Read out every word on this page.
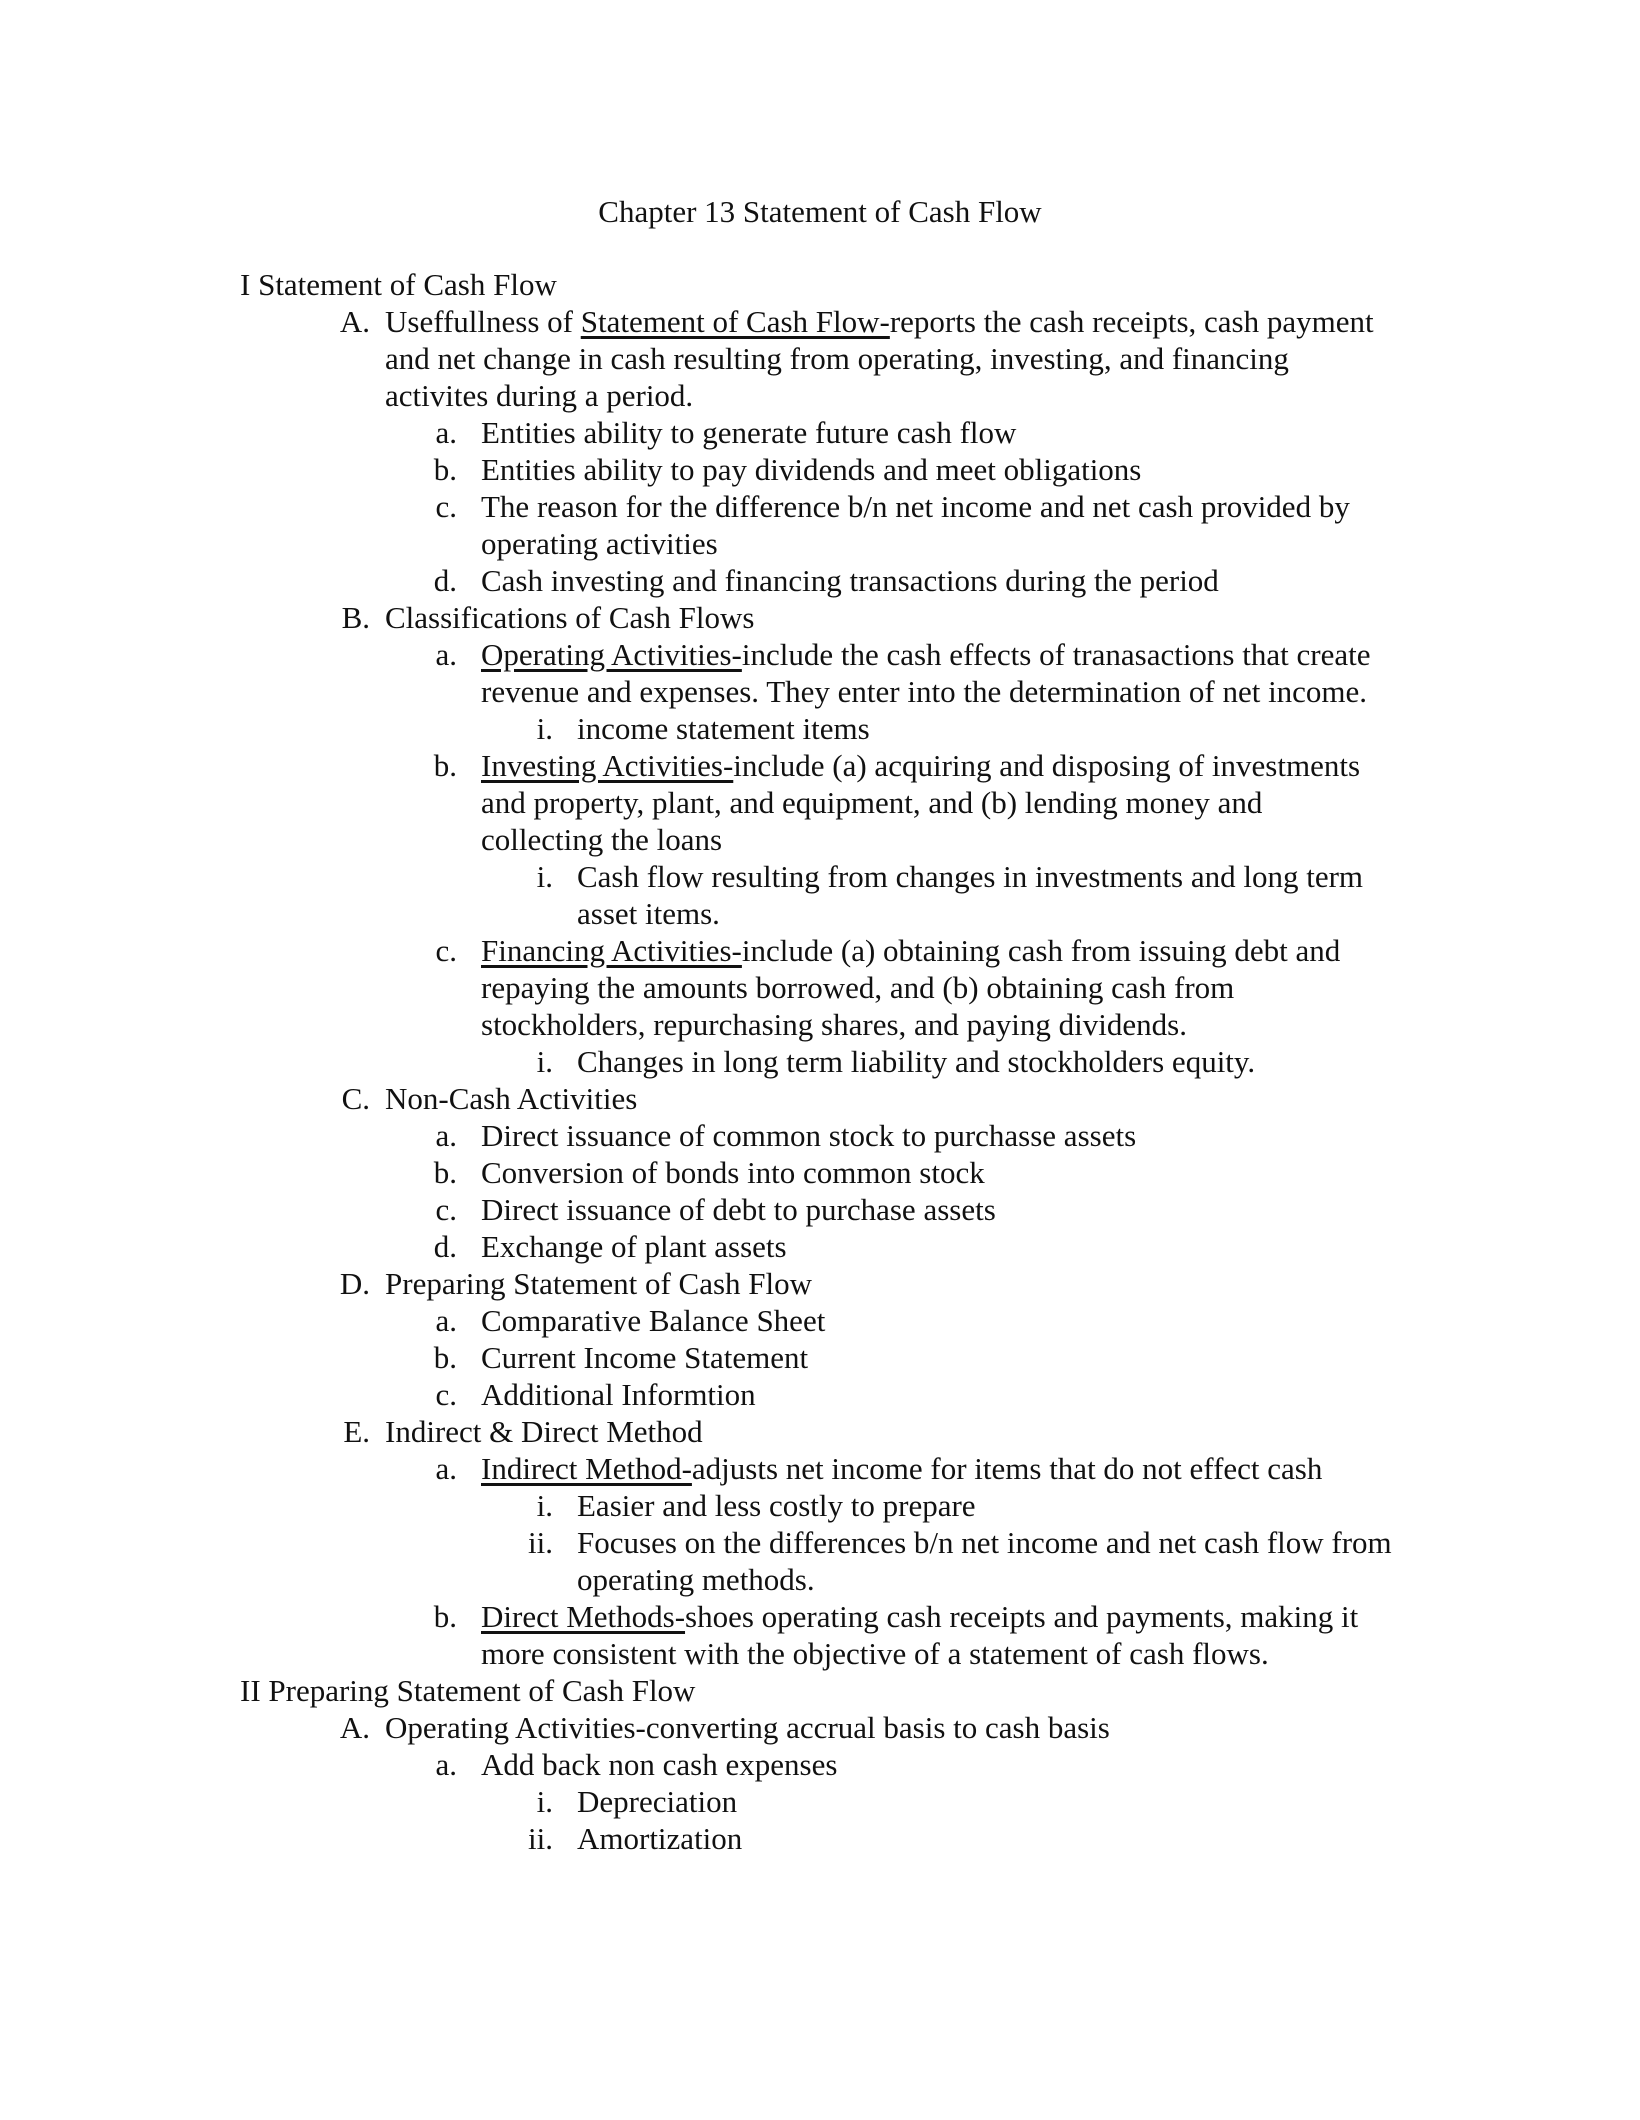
Chapter 13 Statement of Cash Flow
I Statement of Cash Flow
A. Useffullness of Statement of Cash Flow-reports the cash receipts, cash payment and net change in cash resulting from operating, investing, and financing activites during a period.
a. Entities ability to generate future cash flow
b. Entities ability to pay dividends and meet obligations
c. The reason for the difference b/n net income and net cash provided by operating activities
d. Cash investing and financing transactions during the period
B. Classifications of Cash Flows
a. Operating Activities-include the cash effects of tranasactions that create revenue and expenses. They enter into the determination of net income.
i. income statement items
b. Investing Activities-include (a) acquiring and disposing of investments and property, plant, and equipment, and (b) lending money and collecting the loans
i. Cash flow resulting from changes in investments and long term asset items.
c. Financing Activities-include (a) obtaining cash from issuing debt and repaying the amounts borrowed, and (b) obtaining cash from stockholders, repurchasing shares, and paying dividends.
i. Changes in long term liability and stockholders equity.
C. Non-Cash Activities
a. Direct issuance of common stock to purchasse assets
b. Conversion of bonds into common stock
c. Direct issuance of debt to purchase assets
d. Exchange of plant assets
D. Preparing Statement of Cash Flow
a. Comparative Balance Sheet
b. Current Income Statement
c. Additional Informtion
E. Indirect & Direct Method
a. Indirect Method-adjusts net income for items that do not effect cash
i. Easier and less costly to prepare
ii. Focuses on the differences b/n net income and net cash flow from operating methods.
b. Direct Methods-shoes operating cash receipts and payments, making it more consistent with the objective of a statement of cash flows.
II Preparing Statement of Cash Flow
A. Operating Activities-converting accrual basis to cash basis
a. Add back non cash expenses
i. Depreciation
ii. Amortization
